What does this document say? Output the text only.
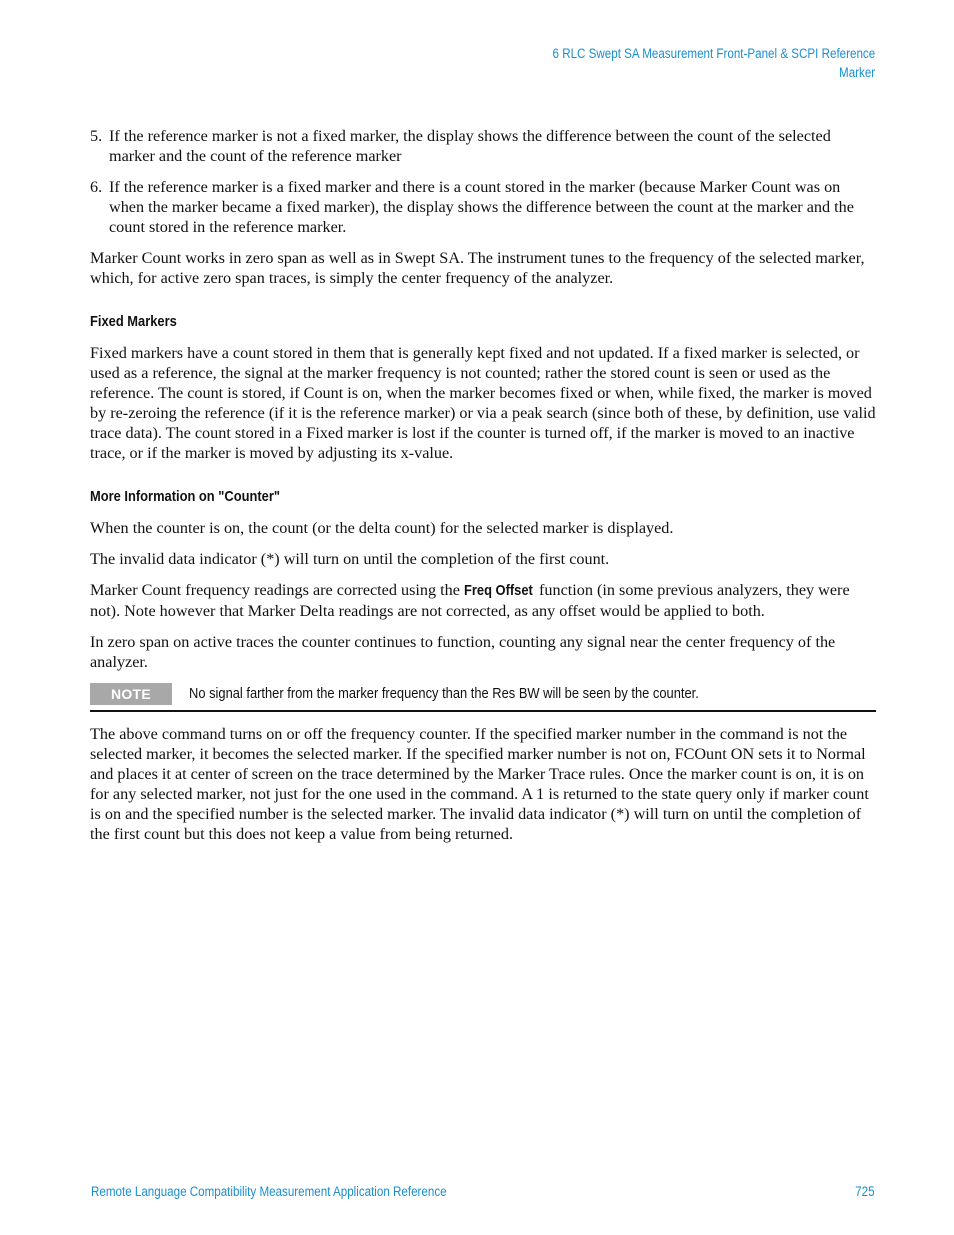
6 RLC Swept SA Measurement Front-Panel & SCPI Reference
Marker
5. If the reference marker is not a fixed marker, the display shows the difference between the count of the selected marker and the count of the reference marker

6. If the reference marker is a fixed marker and there is a count stored in the marker (because Marker Count was on when the marker became a fixed marker), the display shows the difference between the count at the marker and the count stored in the reference marker.

Marker Count works in zero span as well as in Swept SA. The instrument tunes to the frequency of the selected marker, which, for active zero span traces, is simply the center frequency of the analyzer.

Fixed Markers

Fixed markers have a count stored in them that is generally kept fixed and not updated. If a fixed marker is selected, or used as a reference, the signal at the marker frequency is not counted; rather the stored count is seen or used as the reference. The count is stored, if Count is on, when the marker becomes fixed or when, while fixed, the marker is moved by re-zeroing the reference (if it is the reference marker) or via a peak search (since both of these, by definition, use valid trace data). The count stored in a Fixed marker is lost if the counter is turned off, if the marker is moved to an inactive trace, or if the marker is moved by adjusting its x-value.

More Information on "Counter"

When the counter is on, the count (or the delta count) for the selected marker is displayed.

The invalid data indicator (*) will turn on until the completion of the first count.

Marker Count frequency readings are corrected using the Freq Offset function (in some previous analyzers, they were not). Note however that Marker Delta readings are not corrected, as any offset would be applied to both.

In zero span on active traces the counter continues to function, counting any signal near the center frequency of the analyzer.

NOTE	No signal farther from the marker frequency than the Res BW will be seen by the counter.

The above command turns on or off the frequency counter. If the specified marker number in the command is not the selected marker, it becomes the selected marker. If the specified marker number is not on, FCOunt ON sets it to Normal and places it at center of screen on the trace determined by the Marker Trace rules. Once the marker count is on, it is on for any selected marker, not just for the one used in the command. A 1 is returned to the state query only if marker count is on and the specified number is the selected marker. The invalid data indicator (*) will turn on until the completion of the first count but this does not keep a value from being returned.

Remote Language Compatibility Measurement Application Reference	725
